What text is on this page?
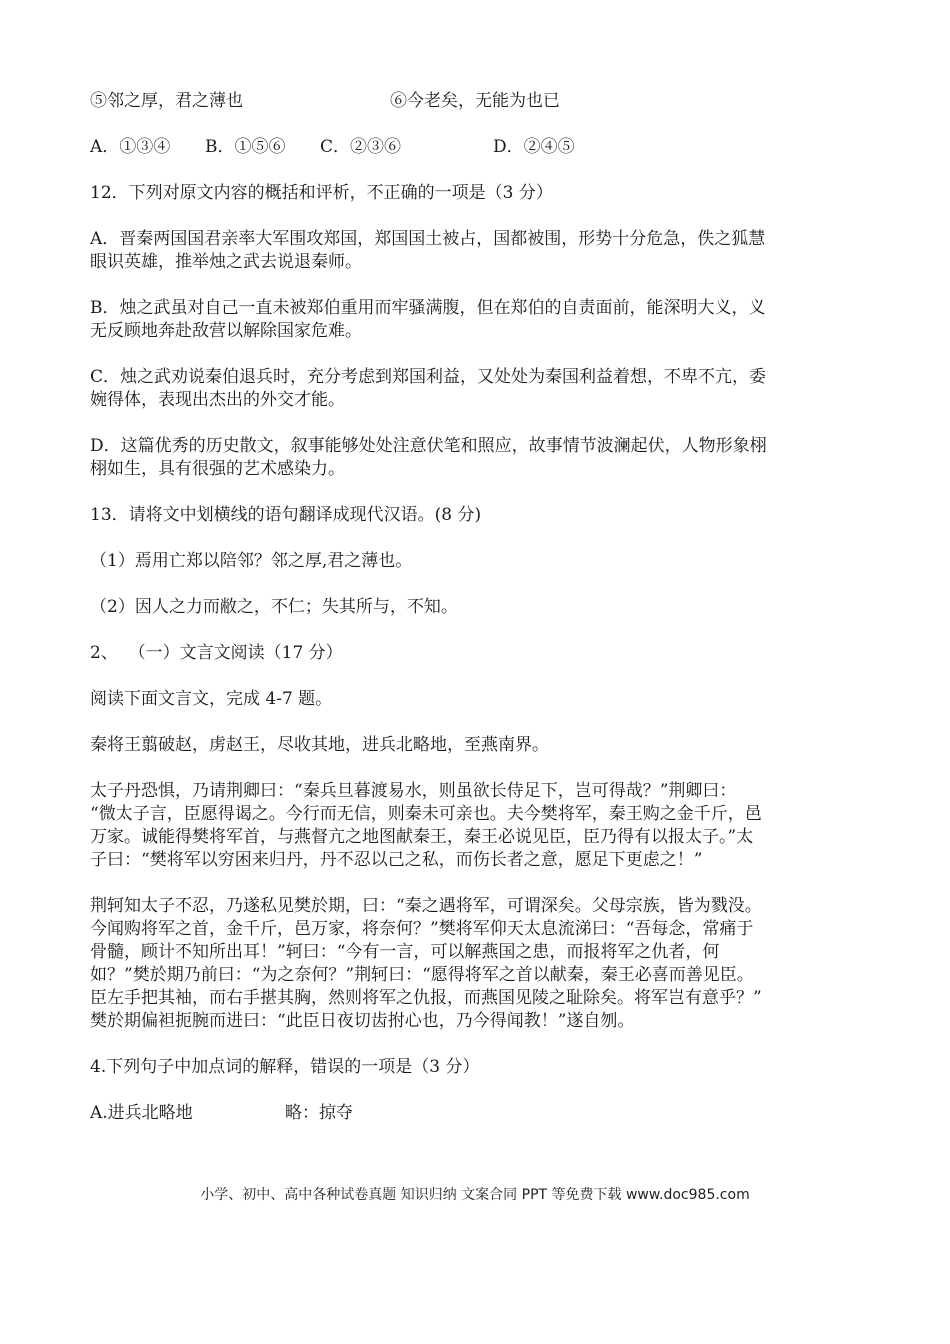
⑤邻之厚，君之薄也	⑥今老矣，无能为也已
A．①③④	B．①⑤⑥	C．②③⑥	D．②④⑤

12．下列对原文内容的概括和评析，不正确的一项是（3 分）

A．晋秦两国国君亲率大军围攻郑国，郑国国土被占，国都被围，形势十分危急，佚之狐慧
眼识英雄，推举烛之武去说退秦师。
B．烛之武虽对自己一直未被郑伯重用而牢骚满腹，但在郑伯的自责面前，能深明大义，义
无反顾地奔赴敌营以解除国家危难。
C．烛之武劝说秦伯退兵时，充分考虑到郑国利益，又处处为秦国利益着想，不卑不亢，委
婉得体，表现出杰出的外交才能。
D．这篇优秀的历史散文，叙事能够处处注意伏笔和照应，故事情节波澜起伏，人物形象栩
栩如生，具有很强的艺术感染力。

13．请将文中划横线的语句翻译成现代汉语。(8 分)

（1）焉用亡郑以陪邻？邻之厚,君之薄也。

（2）因人之力而敝之，不仁；失其所与，不知。

2、  （一）文言文阅读（17 分）

阅读下面文言文，完成 4-7 题。

秦将王翦破赵，虏赵王，尽收其地，进兵北略地，至燕南界。

太子丹恐惧，乃请荆卿曰：“秦兵旦暮渡易水，则虽欲长侍足下，岂可得哉？”荆卿曰：
“微太子言，臣愿得谒之。今行而无信，则秦未可亲也。夫今樊将军，秦王购之金千斤，邑
万家。诚能得樊将军首，与燕督亢之地图献秦王，秦王必说见臣，臣乃得有以报太子。”太
子曰：“樊将军以穷困来归丹，丹不忍以己之私，而伤长者之意，愿足下更虑之！”
荆轲知太子不忍，乃遂私见樊於期，曰：“秦之遇将军，可谓深矣。父母宗族，皆为戮没。
今闻购将军之首，金千斤，邑万家，将奈何？”樊将军仰天太息流涕曰：“吾每念，常痛于
骨髓，顾计不知所出耳！”轲曰：“今有一言，可以解燕国之患，而报将军之仇者，何
如？”樊於期乃前曰：“为之奈何？”荆轲曰：“愿得将军之首以献秦，秦王必喜而善见臣。
臣左手把其袖，而右手揕其胸，然则将军之仇报，而燕国见陵之耻除矣。将军岂有意乎？”
樊於期偏袒扼腕而进曰：“此臣日夜切齿拊心也，乃今得闻教！”遂自刎。

4.下列句子中加点词的解释，错误的一项是（3 分）

A.进兵北略地	略：掠夺
小学、初中、高中各种试卷真题 知识归纳 文案合同 PPT 等免费下载 www.doc985.com
